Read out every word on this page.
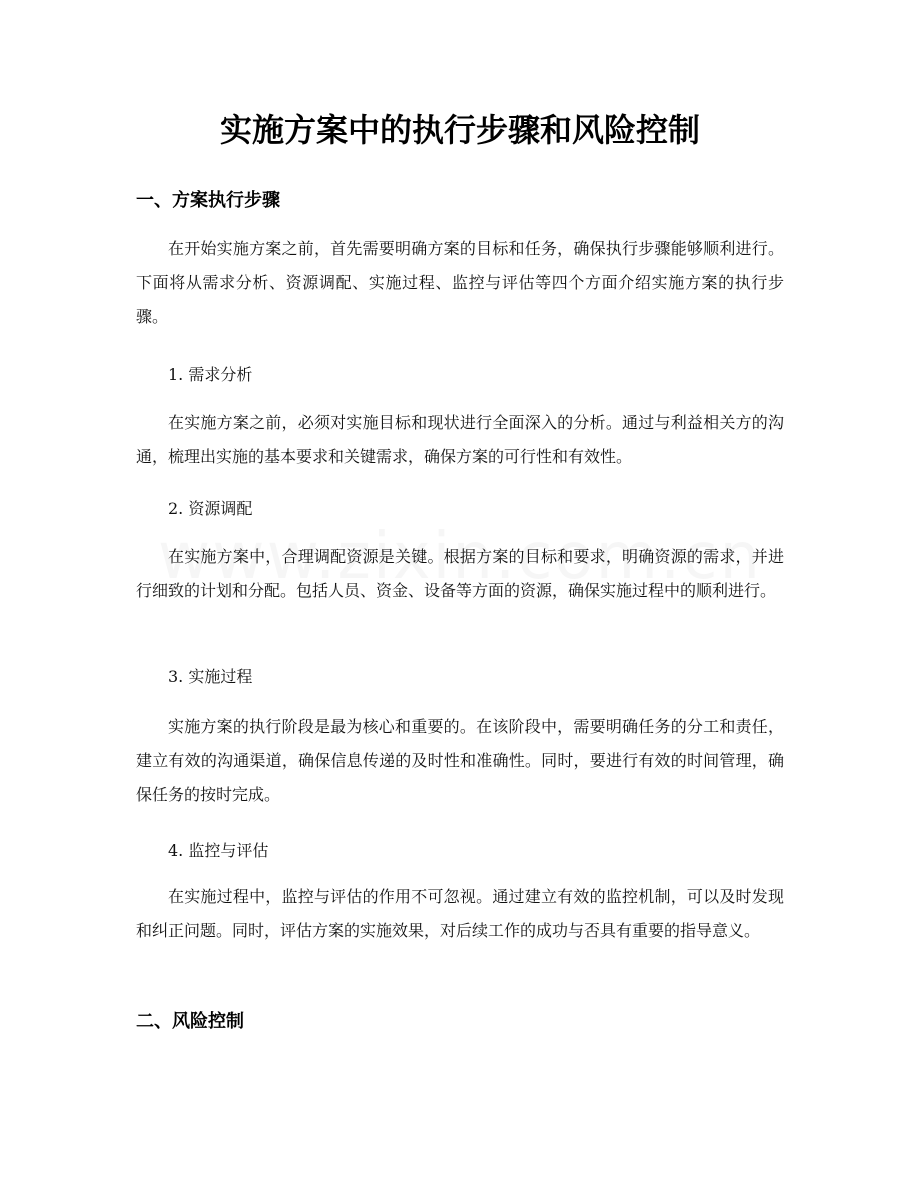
实施方案中的执行步骤和风险控制
一、方案执行步骤

在开始实施方案之前，首先需要明确方案的目标和任务，确保执行步骤能够顺利进行。下面将从需求分析、资源调配、实施过程、监控与评估等四个方面介绍实施方案的执行步骤。

1. 需求分析

在实施方案之前，必须对实施目标和现状进行全面深入的分析。通过与利益相关方的沟通，梳理出实施的基本要求和关键需求，确保方案的可行性和有效性。

2. 资源调配

在实施方案中，合理调配资源是关键。根据方案的目标和要求，明确资源的需求，并进行细致的计划和分配。包括人员、资金、设备等方面的资源，确保实施过程中的顺利进行。

3. 实施过程

实施方案的执行阶段是最为核心和重要的。在该阶段中，需要明确任务的分工和责任，建立有效的沟通渠道，确保信息传递的及时性和准确性。同时，要进行有效的时间管理，确保任务的按时完成。

4. 监控与评估

在实施过程中，监控与评估的作用不可忽视。通过建立有效的监控机制，可以及时发现和纠正问题。同时，评估方案的实施效果，对后续工作的成功与否具有重要的指导意义。

二、风险控制
